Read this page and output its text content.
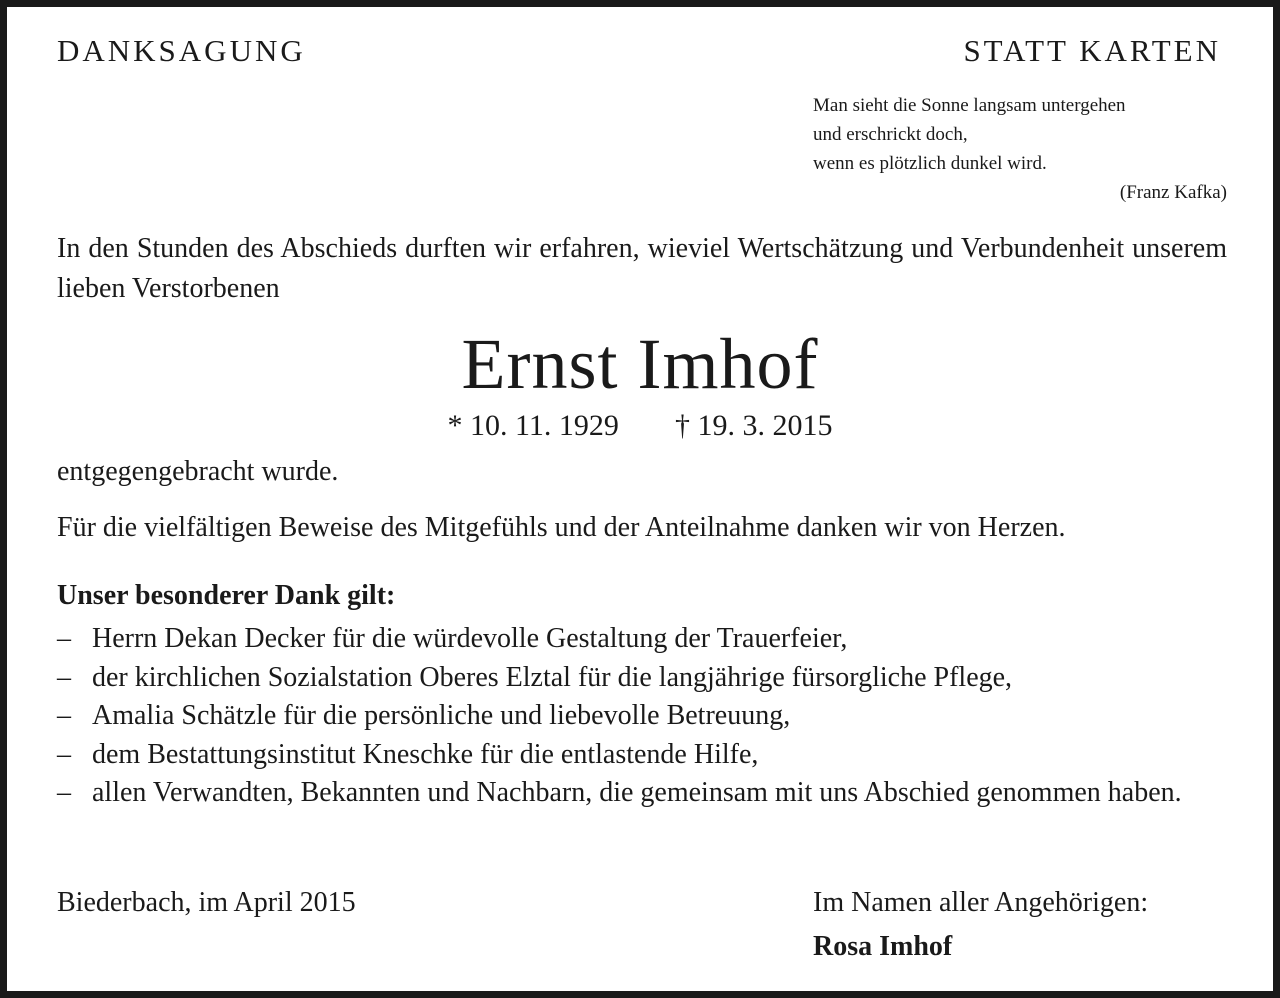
DANKSAGUNG	STATT KARTEN
Man sieht die Sonne langsam untergehen
und erschrickt doch,
wenn es plötzlich dunkel wird.
(Franz Kafka)
In den Stunden des Abschieds durften wir erfahren, wieviel Wertschätzung und Verbundenheit unserem lieben Verstorbenen
Ernst Imhof
* 10. 11. 1929 † 19. 3. 2015
entgegengebracht wurde.
Für die vielfältigen Beweise des Mitgefühls und der Anteilnahme danken wir von Herzen.
Unser besonderer Dank gilt:
– Herrn Dekan Decker für die würdevolle Gestaltung der Trauerfeier,
– der kirchlichen Sozialstation Oberes Elztal für die langjährige fürsorgliche Pflege,
– Amalia Schätzle für die persönliche und liebevolle Betreuung,
– dem Bestattungsinstitut Kneschke für die entlastende Hilfe,
– allen Verwandten, Bekannten und Nachbarn, die gemeinsam mit uns Abschied genommen haben.
Biederbach, im April 2015	Im Namen aller Angehörigen:
Rosa Imhof
